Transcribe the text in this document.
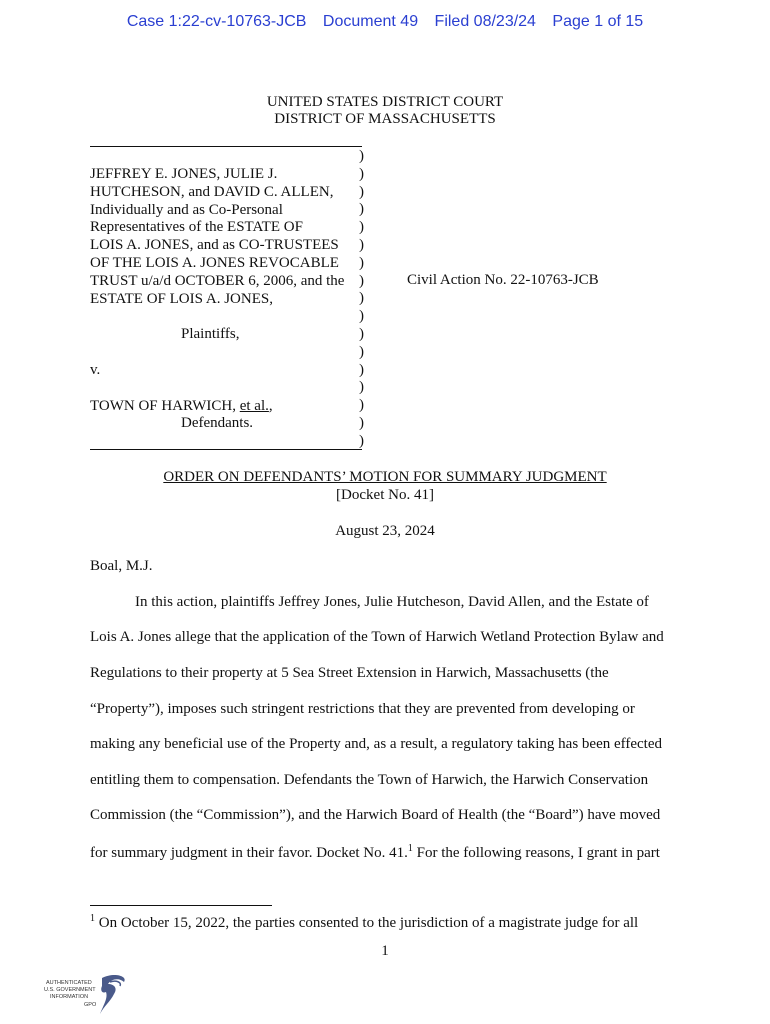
Case 1:22-cv-10763-JCB Document 49 Filed 08/23/24 Page 1 of 15
UNITED STATES DISTRICT COURT
DISTRICT OF MASSACHUSETTS
)
)
)
)
)
)
)
)
)
)
)
)
)
)
)
)
)
JEFFREY E. JONES, JULIE J.
HUTCHESON, and DAVID C. ALLEN,
Individually and as Co-Personal
Representatives of the ESTATE OF
LOIS A. JONES, and as CO-TRUSTEES
OF THE LOIS A. JONES REVOCABLE
TRUST u/a/d OCTOBER 6, 2006, and the
ESTATE OF LOIS A. JONES,
Plaintiffs,
v.
TOWN OF HARWICH, et al.,
Defendants.
Civil Action No. 22-10763-JCB
ORDER ON DEFENDANTS’ MOTION FOR SUMMARY JUDGMENT
[Docket No. 41]
August 23, 2024
Boal, M.J.
In this action, plaintiffs Jeffrey Jones, Julie Hutcheson, David Allen, and the Estate of
Lois A. Jones allege that the application of the Town of Harwich Wetland Protection Bylaw and
Regulations to their property at 5 Sea Street Extension in Harwich, Massachusetts (the
“Property”), imposes such stringent restrictions that they are prevented from developing or
making any beneficial use of the Property and, as a result, a regulatory taking has been effected
entitling them to compensation. Defendants the Town of Harwich, the Harwich Conservation
Commission (the “Commission”), and the Harwich Board of Health (the “Board”) have moved
for summary judgment in their favor. Docket No. 41.$^1$ For the following reasons, I grant in part
$^1$ On October 15, 2022, the parties consented to the jurisdiction of a magistrate judge for all
1
AUTHENTICATED
U.S. GOVERNMENT
INFORMATION
GPO
